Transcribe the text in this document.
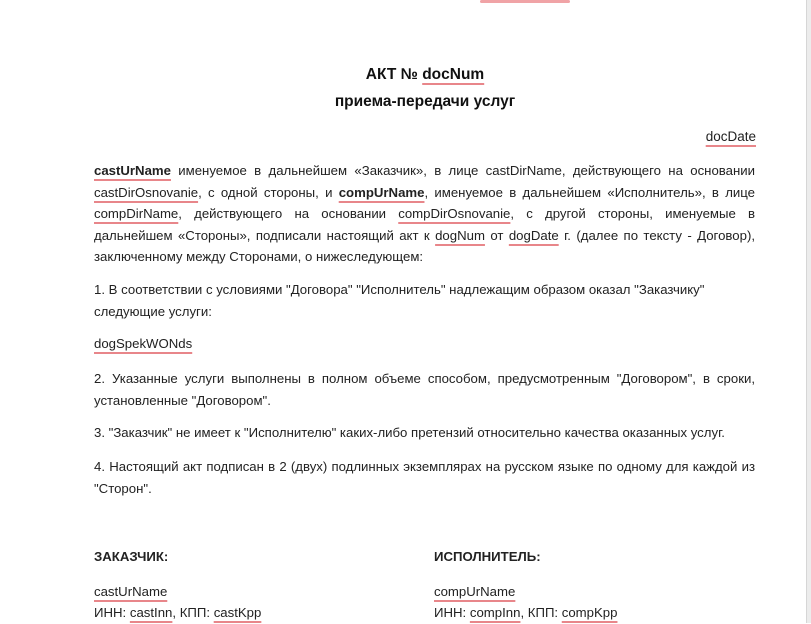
АКТ № docNum
приема-передачи услуг
docDate
castUrName именуемое в дальнейшем «Заказчик», в лице castDirName, действующего на основании castDirOsnovanie, с одной стороны, и compUrName, именуемое в дальнейшем «Исполнитель», в лице compDirName, действующего на основании compDirOsnovanie, с другой стороны, именуемые в дальнейшем «Стороны», подписали настоящий акт к dogNum от dogDate г. (далее по тексту - Договор), заключенному между Сторонами, о нижеследующем:
1. В соответствии с условиями "Договора" "Исполнитель" надлежащим образом оказал "Заказчику" следующие услуги:
dogSpekWONds
2. Указанные услуги выполнены в полном объеме способом, предусмотренным "Договором", в сроки, установленные "Договором".
3. "Заказчик" не имеет к "Исполнителю" каких-либо претензий относительно качества оказанных услуг.
4. Настоящий акт подписан в 2 (двух) подлинных экземплярах на русском языке по одному для каждой из "Сторон".
ЗАКАЗЧИК:
castUrName
ИНН: castInn, КПП: castKpp
ИСПОЛНИТЕЛЬ:
compUrName
ИНН: compInn, КПП: compKpp
